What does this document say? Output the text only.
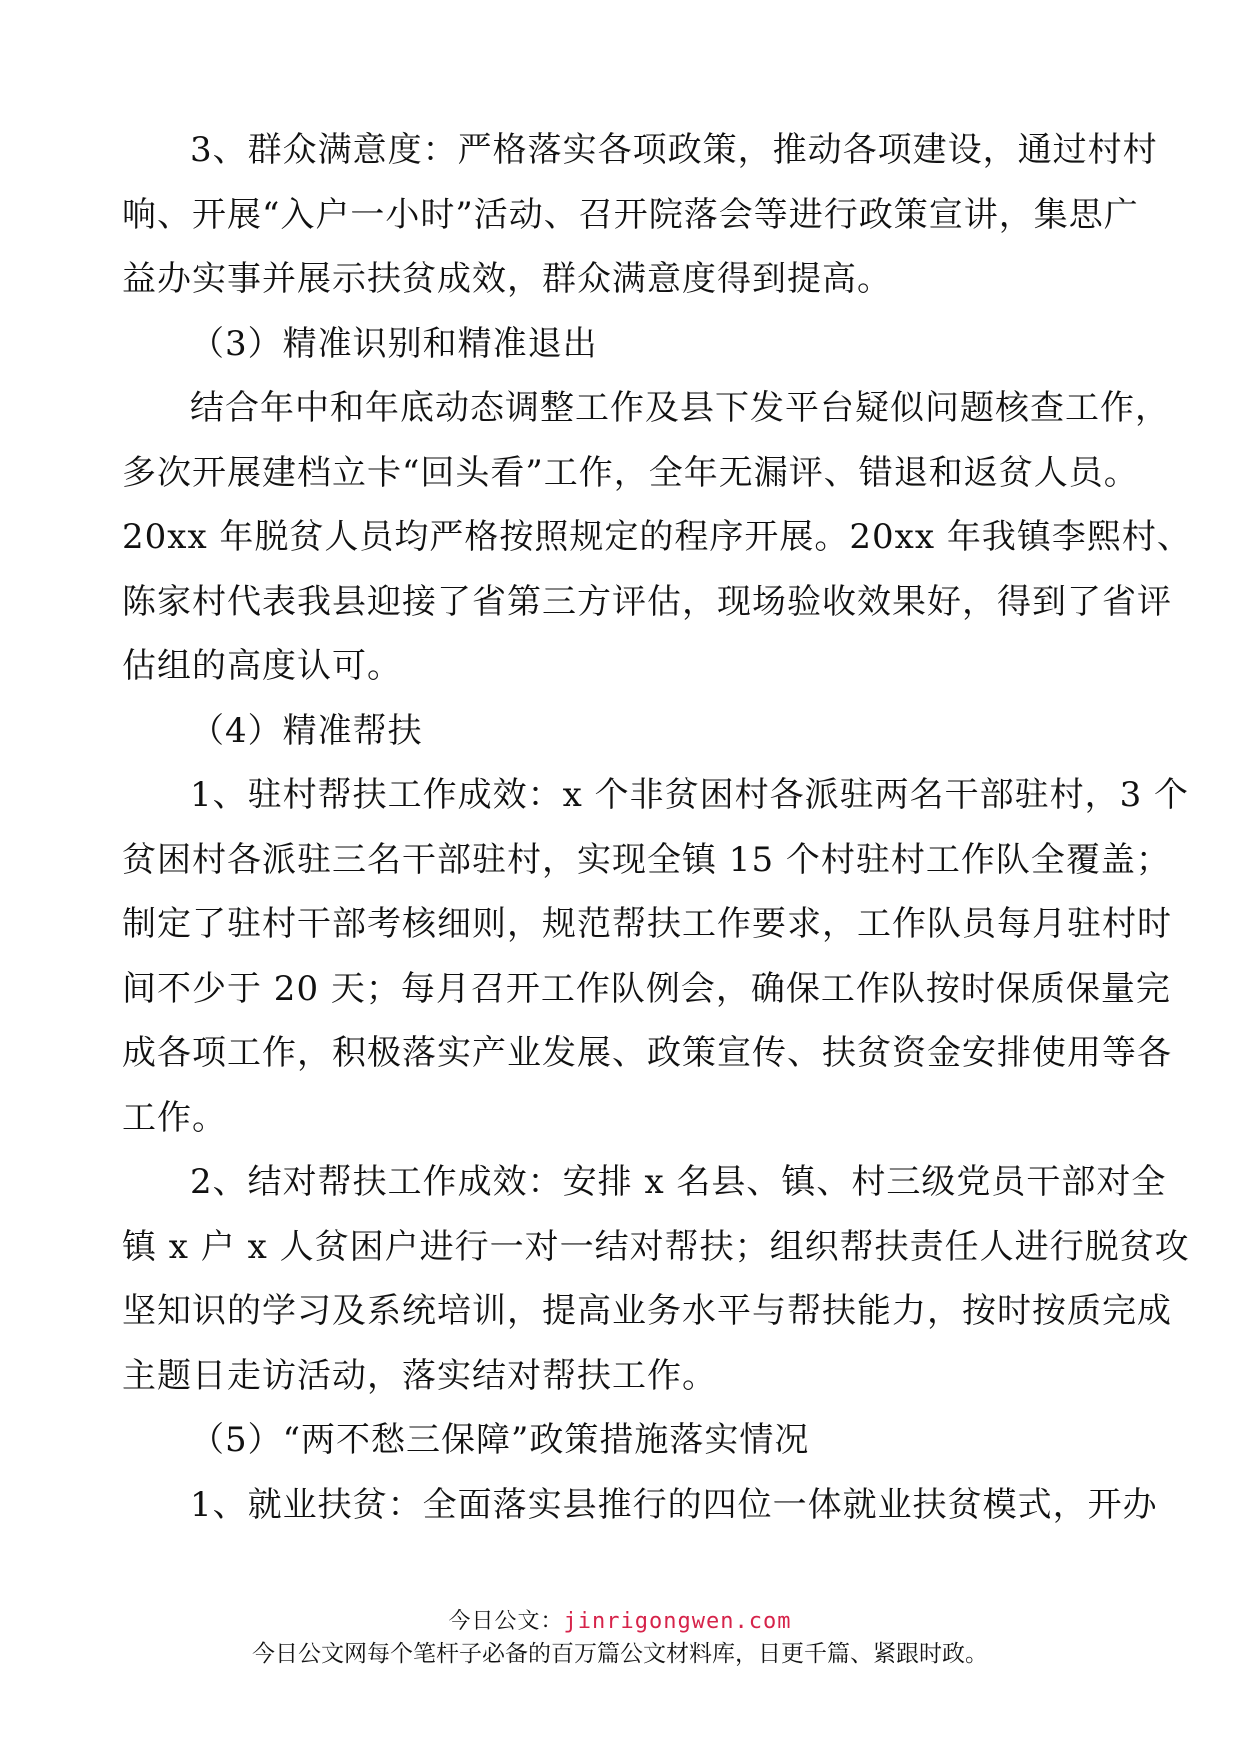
3、群众满意度：严格落实各项政策，推动各项建设，通过村村
响、开展“入户一小时”活动、召开院落会等进行政策宣讲，集思广
益办实事并展示扶贫成效，群众满意度得到提高。

（3）精准识别和精准退出

结合年中和年底动态调整工作及县下发平台疑似问题核查工作，
多次开展建档立卡“回头看”工作，全年无漏评、错退和返贫人员。
20xx 年脱贫人员均严格按照规定的程序开展。20xx 年我镇李熙村、
陈家村代表我县迎接了省第三方评估，现场验收效果好，得到了省评
估组的高度认可。

（4）精准帮扶

1、驻村帮扶工作成效：x 个非贫困村各派驻两名干部驻村，3 个
贫困村各派驻三名干部驻村，实现全镇 15 个村驻村工作队全覆盖；
制定了驻村干部考核细则，规范帮扶工作要求，工作队员每月驻村时
间不少于 20 天；每月召开工作队例会，确保工作队按时保质保量完
成各项工作，积极落实产业发展、政策宣传、扶贫资金安排使用等各
工作。

2、结对帮扶工作成效：安排 x 名县、镇、村三级党员干部对全
镇 x 户 x 人贫困户进行一对一结对帮扶；组织帮扶责任人进行脱贫攻
坚知识的学习及系统培训，提高业务水平与帮扶能力，按时按质完成
主题日走访活动，落实结对帮扶工作。

（5）“两不愁三保障”政策措施落实情况

1、就业扶贫：全面落实县推行的四位一体就业扶贫模式，开办

今日公文：jinrigongwen.com
今日公文网每个笔杆子必备的百万篇公文材料库，日更千篇、紧跟时政。
